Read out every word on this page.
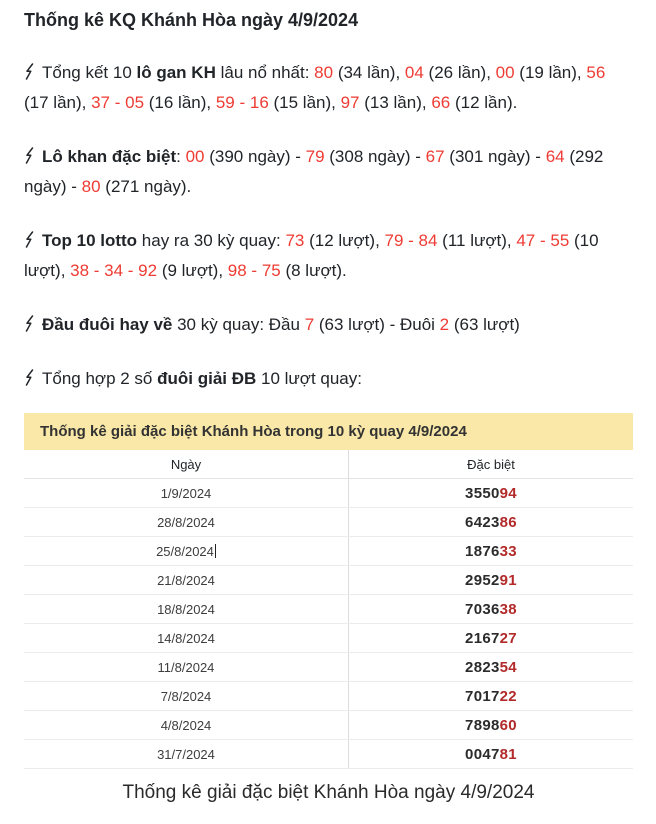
Thống kê KQ Khánh Hòa ngày 4/9/2024

Tổng kết 10 lô gan KH lâu nổ nhất: 80 (34 lần), 04 (26 lần), 00 (19 lần), 56 (17 lần), 37 - 05 (16 lần), 59 - 16 (15 lần), 97 (13 lần), 66 (12 lần).

Lô khan đặc biệt: 00 (390 ngày) - 79 (308 ngày) - 67 (301 ngày) - 64 (292 ngày) - 80 (271 ngày).

Top 10 lotto hay ra 30 kỳ quay: 73 (12 lượt), 79 - 84 (11 lượt), 47 - 55 (10 lượt), 38 - 34 - 92 (9 lượt), 98 - 75 (8 lượt).

Đầu đuôi hay về 30 kỳ quay: Đầu 7 (63 lượt) - Đuôi 2 (63 lượt)

Tổng hợp 2 số đuôi giải ĐB 10 lượt quay:

Thống kê giải đặc biệt Khánh Hòa trong 10 kỳ quay 4/9/2024
Ngày	Đặc biệt
1/9/2024	3550 94
28/8/2024	6423 86
25/8/2024	1876 33
21/8/2024	2952 91
18/8/2024	7036 38
14/8/2024	2167 27
11/8/2024	2823 54
7/8/2024	7017 22
4/8/2024	7898 60
31/7/2024	0047 81
Thống kê giải đặc biệt Khánh Hòa ngày 4/9/2024
